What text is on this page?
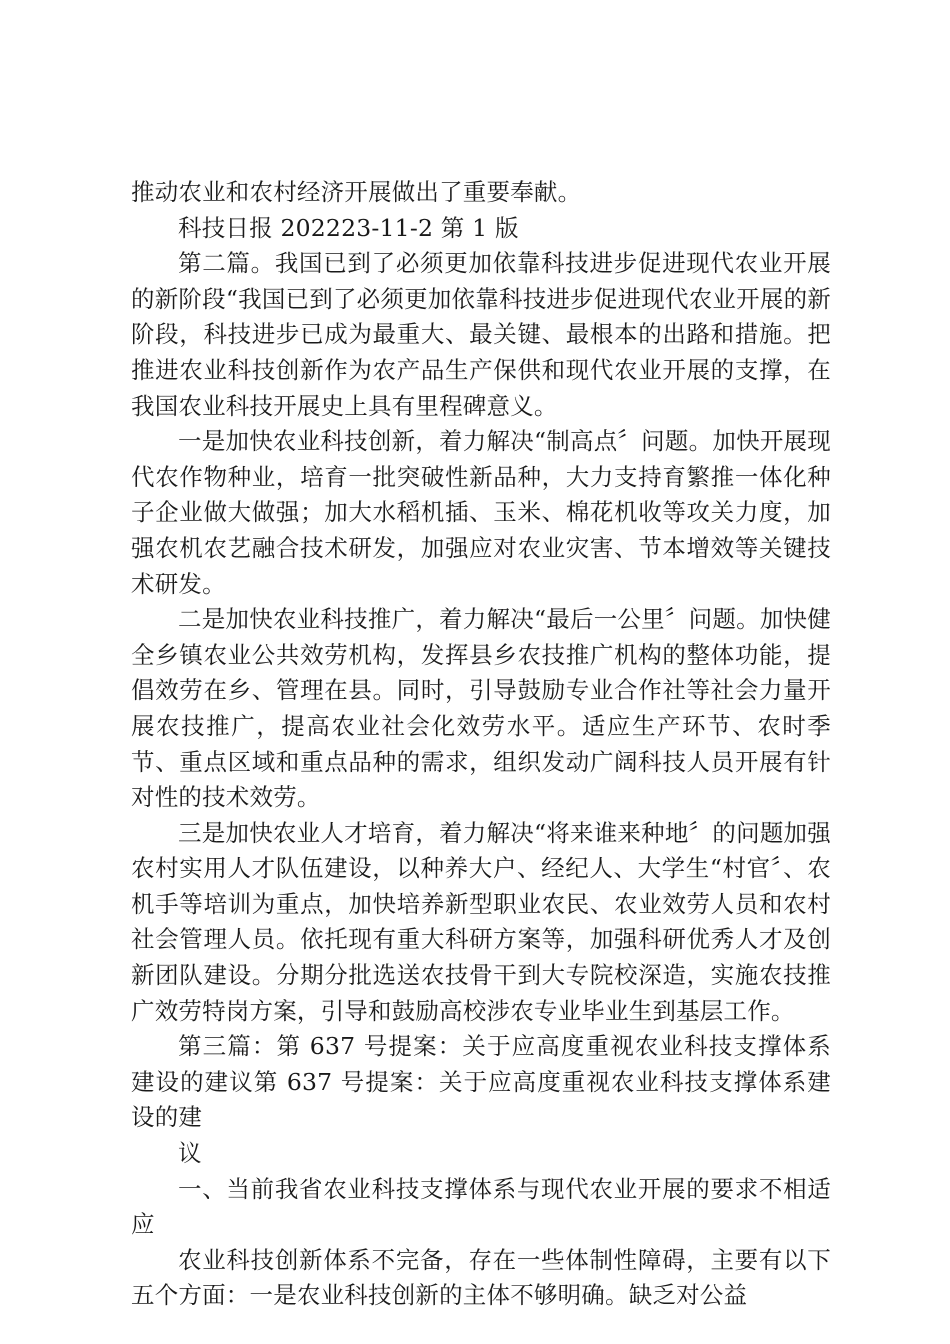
推动农业和农村经济开展做出了重要奉献。

科技日报 202223-11-2 第 1 版

第二篇。我国已到了必须更加依靠科技进步促进现代农业开展的新阶段“我国已到了必须更加依靠科技进步促进现代农业开展的新阶段，科技进步已成为最重大、最关键、最根本的出路和措施。把推进农业科技创新作为农产品生产保供和现代农业开展的支撑，在我国农业科技开展史上具有里程碑意义。

一是加快农业科技创新，着力解决“制高点〞问题。加快开展现代农作物种业，培育一批突破性新品种，大力支持育繁推一体化种子企业做大做强；加大水稻机插、玉米、棉花机收等攻关力度，加强农机农艺融合技术研发，加强应对农业灾害、节本增效等关键技术研发。

二是加快农业科技推广，着力解决“最后一公里〞问题。加快健全乡镇农业公共效劳机构，发挥县乡农技推广机构的整体功能，提倡效劳在乡、管理在县。同时，引导鼓励专业合作社等社会力量开展农技推广，提高农业社会化效劳水平。适应生产环节、农时季节、重点区域和重点品种的需求，组织发动广阔科技人员开展有针对性的技术效劳。

三是加快农业人才培育，着力解决“将来谁来种地〞的问题加强农村实用人才队伍建设，以种养大户、经纪人、大学生“村官〞、农机手等培训为重点，加快培养新型职业农民、农业效劳人员和农村社会管理人员。依托现有重大科研方案等，加强科研优秀人才及创新团队建设。分期分批选送农技骨干到大专院校深造，实施农技推广效劳特岗方案，引导和鼓励高校涉农专业毕业生到基层工作。

第三篇：第 637 号提案：关于应高度重视农业科技支撑体系建设的建议第 637 号提案：关于应高度重视农业科技支撑体系建设的建

议

一、当前我省农业科技支撑体系与现代农业开展的要求不相适应

农业科技创新体系不完备，存在一些体制性障碍，主要有以下五个方面：一是农业科技创新的主体不够明确。缺乏对公益
